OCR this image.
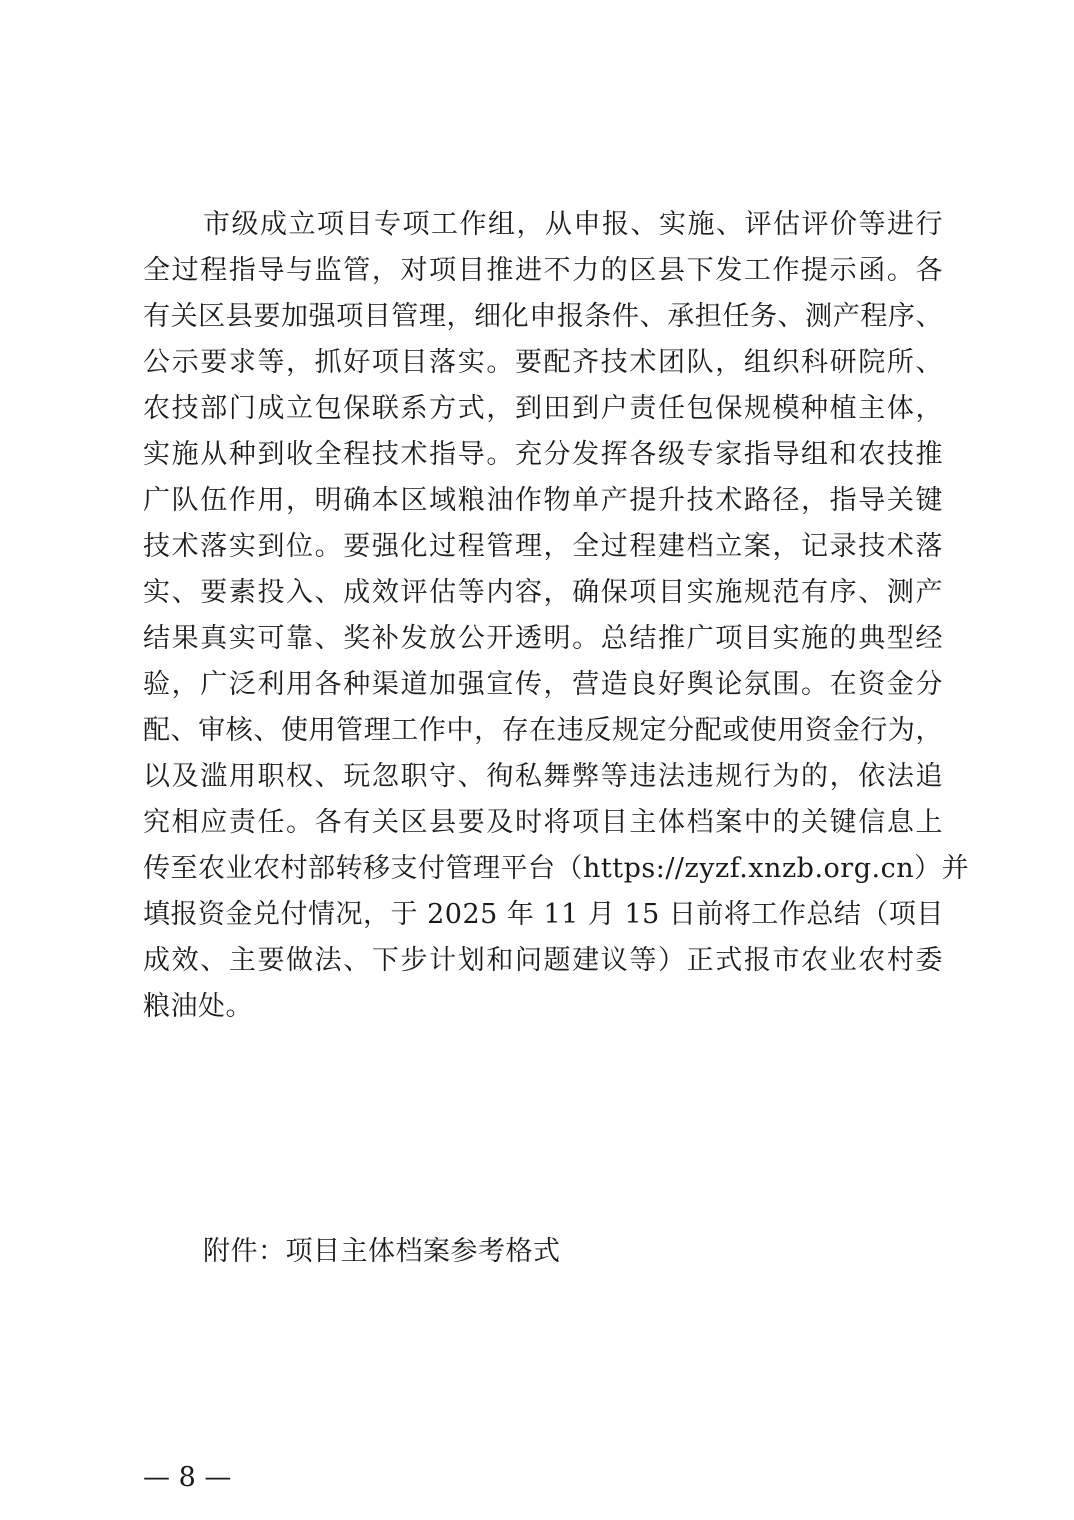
市级成立项目专项工作组，从申报、实施、评估评价等进行
全过程指导与监管，对项目推进不力的区县下发工作提示函。各
有关区县要加强项目管理，细化申报条件、承担任务、测产程序、
公示要求等，抓好项目落实。要配齐技术团队，组织科研院所、
农技部门成立包保联系方式，到田到户责任包保规模种植主体，
实施从种到收全程技术指导。充分发挥各级专家指导组和农技推
广队伍作用，明确本区域粮油作物单产提升技术路径，指导关键
技术落实到位。要强化过程管理，全过程建档立案，记录技术落
实、要素投入、成效评估等内容，确保项目实施规范有序、测产
结果真实可靠、奖补发放公开透明。总结推广项目实施的典型经
验，广泛利用各种渠道加强宣传，营造良好舆论氛围。在资金分
配、审核、使用管理工作中，存在违反规定分配或使用资金行为，
以及滥用职权、玩忽职守、徇私舞弊等违法违规行为的，依法追
究相应责任。各有关区县要及时将项目主体档案中的关键信息上
传至农业农村部转移支付管理平台（https://zyzf.xnzb.org.cn）并
填报资金兑付情况，于 2025 年 11 月 15 日前将工作总结（项目
成效、主要做法、下步计划和问题建议等）正式报市农业农村委
粮油处。
附件：项目主体档案参考格式
— 8 —
